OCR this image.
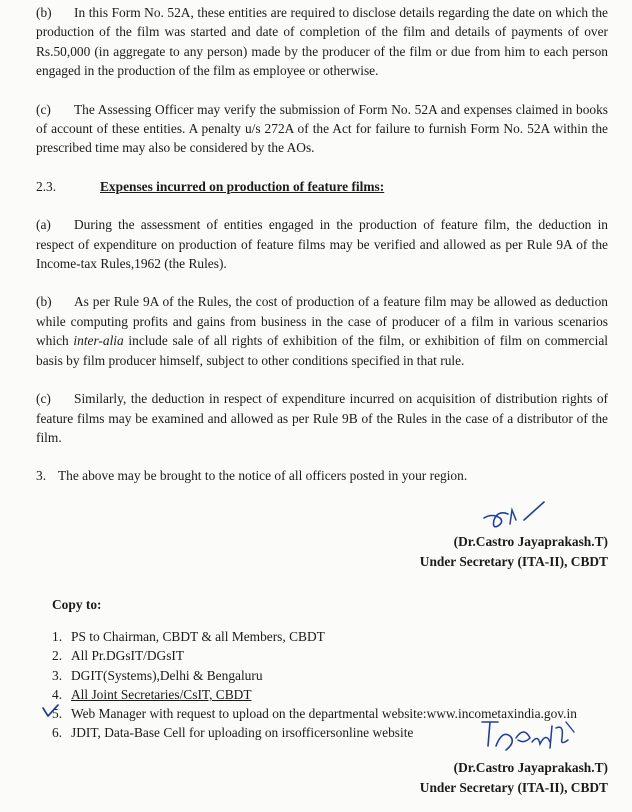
(b) In this Form No. 52A, these entities are required to disclose details regarding the date on which the production of the film was started and date of completion of the film and details of payments of over Rs.50,000 (in aggregate to any person) made by the producer of the film or due from him to each person engaged in the production of the film as employee or otherwise.

(c) The Assessing Officer may verify the submission of Form No. 52A and expenses claimed in books of account of these entities. A penalty u/s 272A of the Act for failure to furnish Form No. 52A within the prescribed time may also be considered by the AOs.

2.3.	Expenses incurred on production of feature films:

(a) During the assessment of entities engaged in the production of feature film, the deduction in respect of expenditure on production of feature films may be verified and allowed as per Rule 9A of the Income-tax Rules,1962 (the Rules).

(b) As per Rule 9A of the Rules, the cost of production of a feature film may be allowed as deduction while computing profits and gains from business in the case of producer of a film in various scenarios which inter-alia include sale of all rights of exhibition of the film, or exhibition of film on commercial basis by film producer himself, subject to other conditions specified in that rule.

(c) Similarly, the deduction in respect of expenditure incurred on acquisition of distribution rights of feature films may be examined and allowed as per Rule 9B of the Rules in the case of a distributor of the film.

3. The above may be brought to the notice of all officers posted in your region.

(Dr.Castro Jayaprakash.T)
Under Secretary (ITA-II), CBDT
Copy to:
1. PS to Chairman, CBDT & all Members, CBDT
2. All Pr.DGsIT/DGsIT
3. DGIT(Systems),Delhi & Bengaluru
4. All Joint Secretaries/CsIT, CBDT
5. Web Manager with request to upload on the departmental website:www.incometaxindia.gov.in
6. JDIT, Data-Base Cell for uploading on irsofficersonline website
(Dr.Castro Jayaprakash.T)
Under Secretary (ITA-II), CBDT
